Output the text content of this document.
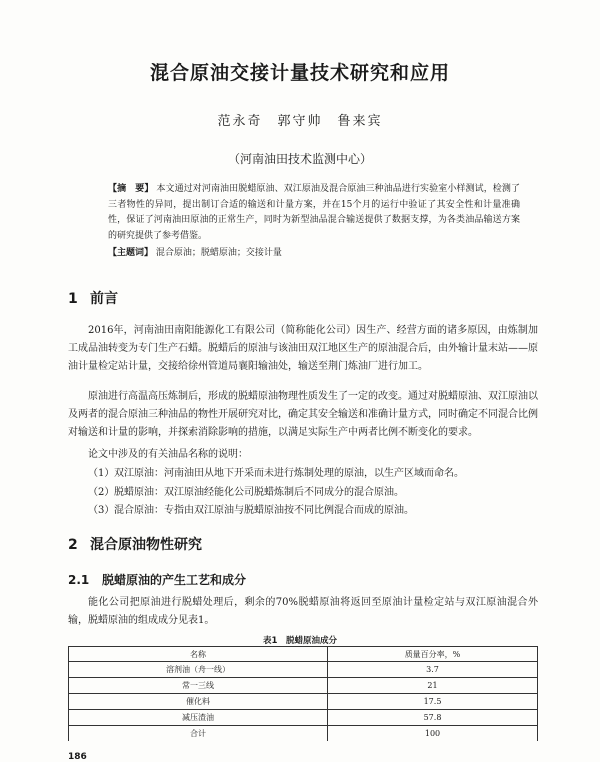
混合原油交接计量技术研究和应用
范永奇　郭守帅　鲁来宾
（河南油田技术监测中心）
【摘　要】 本文通过对河南油田脱蜡原油、双江原油及混合原油三种油品进行实验室小样测试，检测了三者物性的异同，提出制订合适的输送和计量方案，并在15个月的运行中验证了其安全性和计量准确性，保证了河南油田原油的正常生产，同时为新型油品混合输送提供了数据支撑，为各类油品输送方案的研究提供了参考借鉴。
【主题词】 混合原油；脱蜡原油；交接计量
1 前言
2016年，河南油田南阳能源化工有限公司（简称能化公司）因生产、经营方面的诸多原因，由炼制加工成品油转变为专门生产石蜡。脱蜡后的原油与该油田双江地区生产的原油混合后，由外输计量末站——原油计量检定站计量，交接给徐州管道局襄阳输油处，输送至荆门炼油厂进行加工。
原油进行高温高压炼制后，形成的脱蜡原油物理性质发生了一定的改变。通过对脱蜡原油、双江原油以及两者的混合原油三种油品的物性开展研究对比，确定其安全输送和准确计量方式，同时确定不同混合比例对输送和计量的影响，并探索消除影响的措施，以满足实际生产中两者比例不断变化的要求。
论文中涉及的有关油品名称的说明：
（1）双江原油：河南油田从地下开采而未进行炼制处理的原油，以生产区域而命名。
（2）脱蜡原油：双江原油经能化公司脱蜡炼制后不同成分的混合原油。
（3）混合原油：专指由双江原油与脱蜡原油按不同比例混合而成的原油。
2 混合原油物性研究
2.1 脱蜡原油的产生工艺和成分
能化公司把原油进行脱蜡处理后，剩余的70%脱蜡原油将返回至原油计量检定站与双江原油混合外输，脱蜡原油的组成成分见表1。
表1　脱蜡原油成分
名称	质量百分率，%
溶剂油（舟一线）	3.7
常一三线	21
催化料	17.5
减压渣油	57.8
合计	100
186
